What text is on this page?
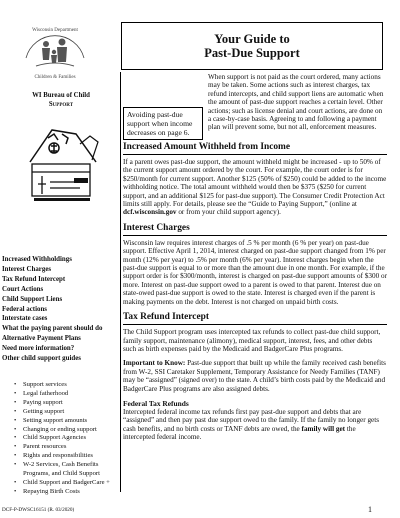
Wisconsin Department
Children & Families
Your Guide to
Past-Due Support
WI Bureau of Child
Support
Increased Withholdings
Interest Charges
Tax Refund Intercept
Court Actions
Child Support Liens
Federal actions
Interstate cases
What the paying parent should do
Alternative Payment Plans
Need more information?
Other child support guides
• Support services
• Legal fatherhood
• Paying support
• Getting support
• Setting support amounts
• Changing or ending support
• Child Support Agencies
• Parent resources
• Rights and responsibilities
• W-2 Services, Cash Benefits Programs, and Child Support
• Child Support and BadgerCare +
• Repaying Birth Costs
Avoiding past-due support when income decreases on page 6.
When support is not paid as the court ordered, many actions may be taken. Some actions such as interest charges, tax refund intercepts, and child support liens are automatic when the amount of past-due support reaches a certain level. Other actions; such as license denial and court actions, are done on a case-by-case basis. Agreeing to and following a payment plan will prevent some, but not all, enforcement measures.
Increased Amount Withheld from Income
If a parent owes past-due support, the amount withheld might be increased - up to 50% of the current support amount ordered by the court. For example, the court order is for $250/month for current support. Another $125 (50% of $250) could be added to the income withholding notice. The total amount withheld would then be $375 ($250 for current support, and an additional $125 for past-due support). The Consumer Credit Protection Act limits still apply. For details, please see the “Guide to Paying Support,” (online at dcf.wisconsin.gov or from your child support agency).
Interest Charges
Wisconsin law requires interest charges of .5 % per month (6 % per year) on past-due support. Effective April 1, 2014, interest charged on past-due support changed from 1% per month (12% per year) to .5% per month (6% per year). Interest charges begin when the past-due support is equal to or more than the amount due in one month. For example, if the support order is for $300/month, interest is charged on past-due support amounts of $300 or more. Interest on past-due support owed to a parent is owed to that parent. Interest due on state-owed past-due support is owed to the state. Interest is charged even if the parent is making payments on the debt. Interest is not charged on unpaid birth costs.
Tax Refund Intercept
The Child Support program uses intercepted tax refunds to collect past-due child support, family support, maintenance (alimony), medical support, interest, fees, and other debts such as birth expenses paid by the Medicaid and BadgerCare Plus programs.
Important to Know: Past-due support that built up while the family received cash benefits from W-2, SSI Caretaker Supplement, Temporary Assistance for Needy Families (TANF) may be “assigned” (signed over) to the state. A child’s birth costs paid by the Medicaid and BadgerCare Plus programs are also assigned debts.
Federal Tax Refunds
Intercepted federal income tax refunds first pay past-due support and debts that are “assigned” and then pay past due support owed to the family. If the family no longer gets cash benefits, and no birth costs or TANF debts are owed, the family will get the intercepted federal income.
DCF-P-DWSC16151 (R. 03/2020)	1
